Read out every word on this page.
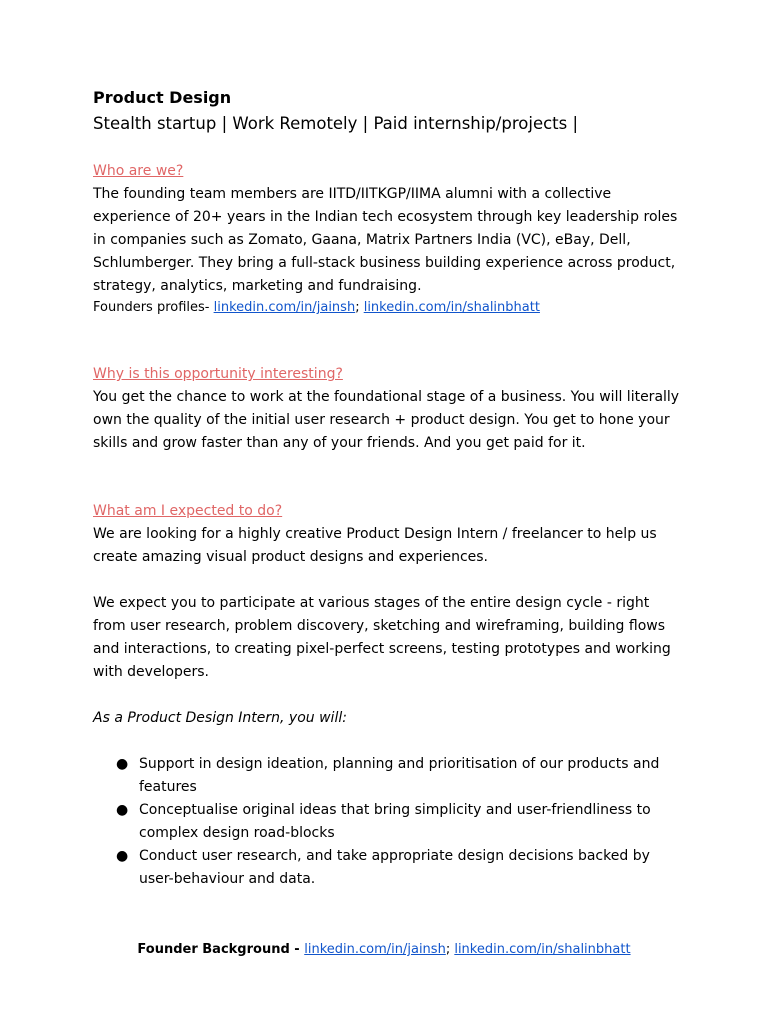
Product Design

Stealth startup | Work Remotely | Paid internship/projects |

Who are we?

The founding team members are IITD/IITKGP/IIMA alumni with a collective experience of 20+ years in the Indian tech ecosystem through key leadership roles in companies such as Zomato, Gaana, Matrix Partners India (VC), eBay, Dell, Schlumberger. They bring a full-stack business building experience across product, strategy, analytics, marketing and fundraising.

Founders profiles- linkedin.com/in/jainsh; linkedin.com/in/shalinbhatt

Why is this opportunity interesting?

You get the chance to work at the foundational stage of a business. You will literally own the quality of the initial user research + product design. You get to hone your skills and grow faster than any of your friends. And you get paid for it.

What am I expected to do?

We are looking for a highly creative Product Design Intern / freelancer to help us create amazing visual product designs and experiences.

We expect you to participate at various stages of the entire design cycle - right from user research, problem discovery, sketching and wireframing, building flows and interactions, to creating pixel-perfect screens, testing prototypes and working with developers.

As a Product Design Intern, you will:

● Support in design ideation, planning and prioritisation of our products and features
● Conceptualise original ideas that bring simplicity and user-friendliness to complex design road-blocks
● Conduct user research, and take appropriate design decisions backed by user-behaviour and data.
Founder Background - linkedin.com/in/jainsh; linkedin.com/in/shalinbhatt
